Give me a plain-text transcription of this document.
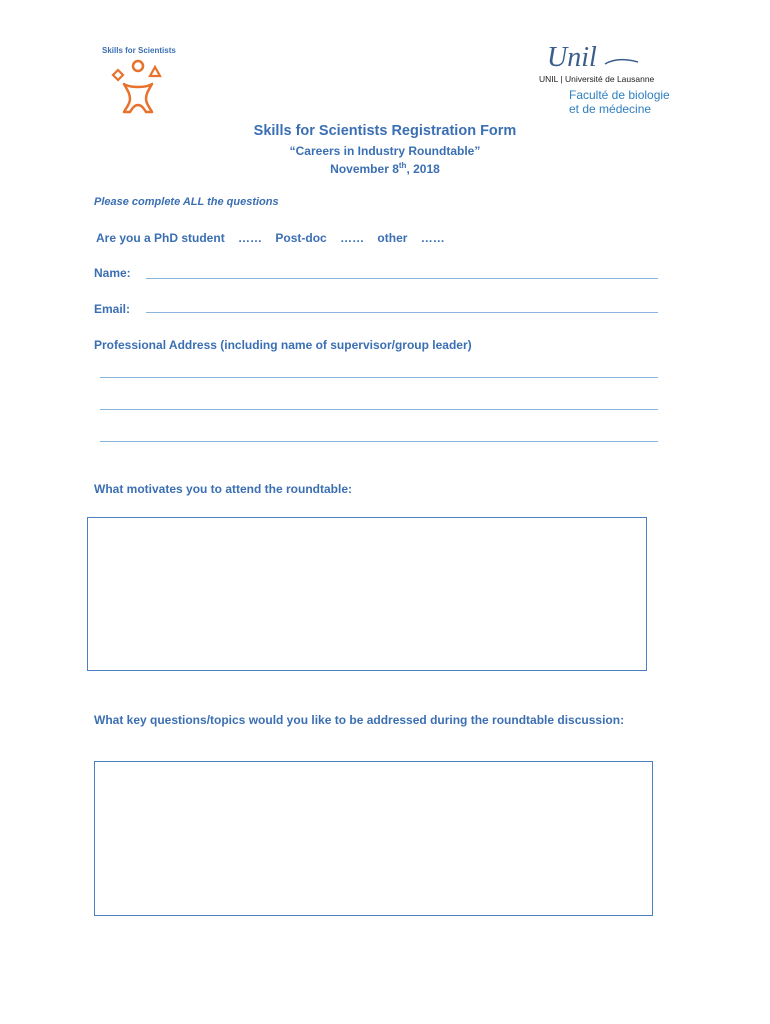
Skills for Scientists	Unil
UNIL | Université de Lausanne
Faculté de biologie
et de médecine
Skills for Scientists Registration Form
“Careers in Industry Roundtable”
November 8th, 2018
Please complete ALL the questions
Are you a PhD student …… Post-doc …… other ……
Name:
Email:
Professional Address (including name of supervisor/group leader)
What motivates you to attend the roundtable:
What key questions/topics would you like to be addressed during the roundtable discussion:
